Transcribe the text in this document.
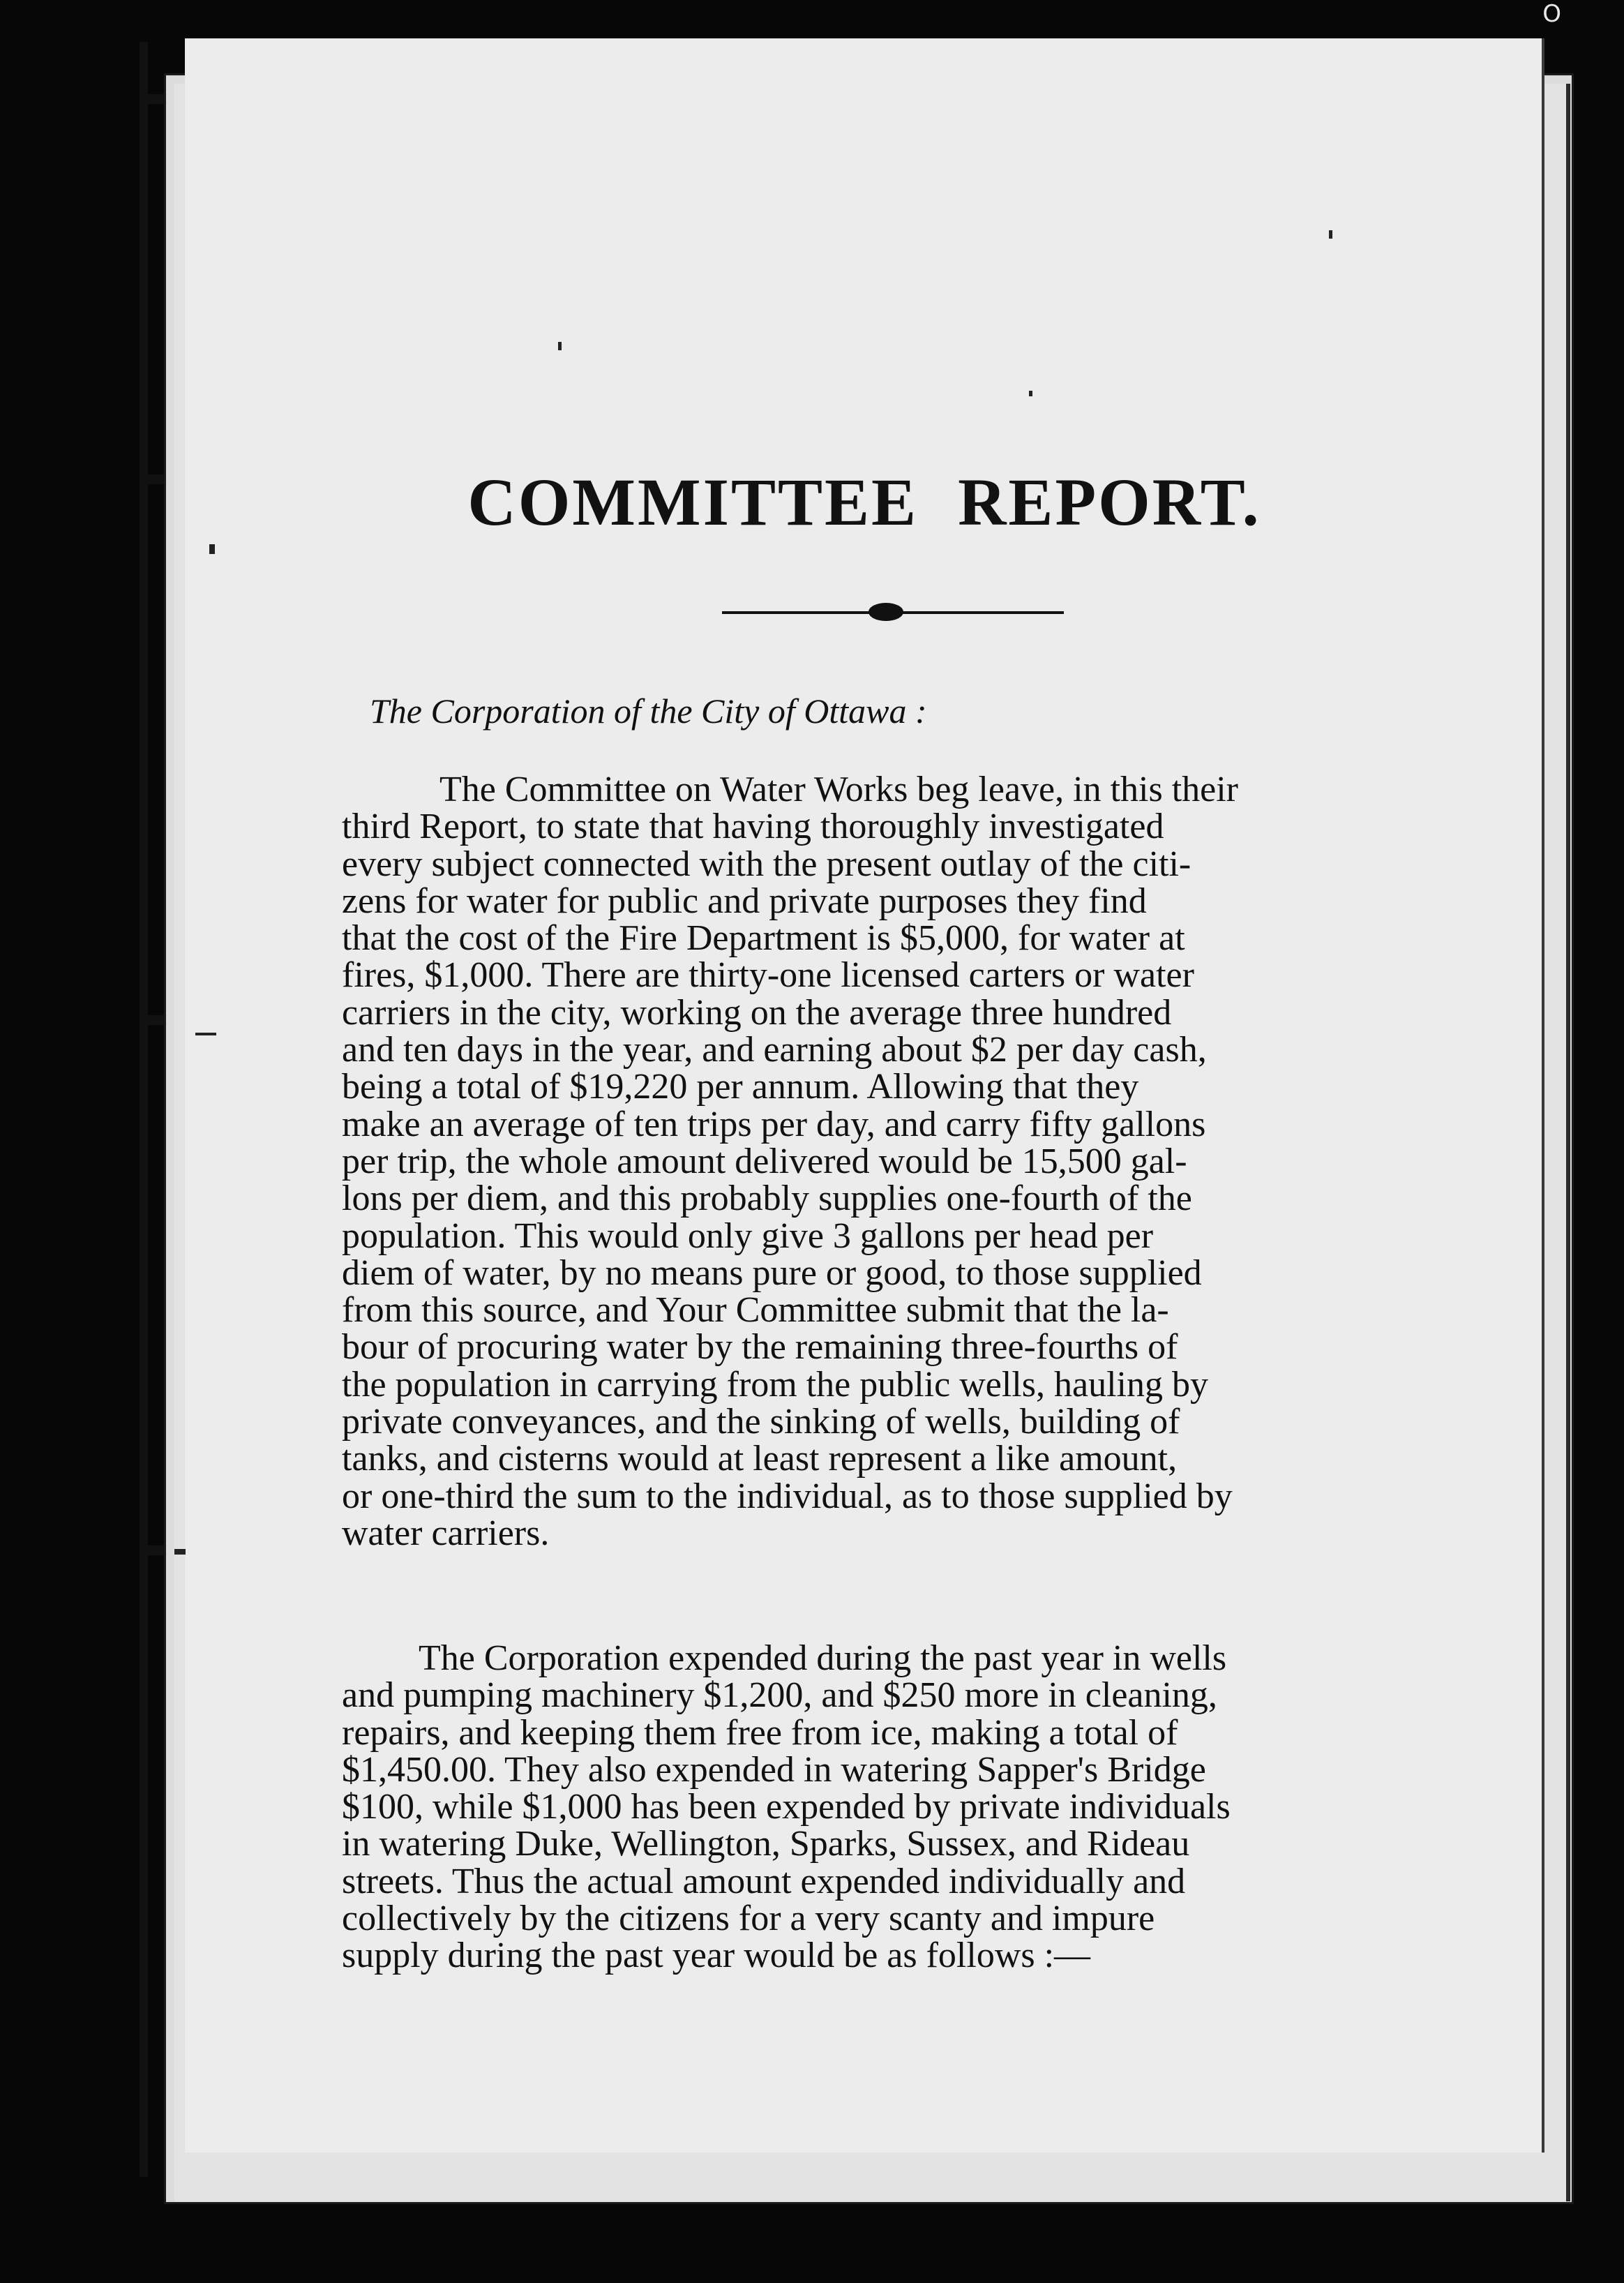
O
COMMITTEE REPORT.
The Corporation of the City of Ottawa :
The Committee on Water Works beg leave, in this their
third Report, to state that having thoroughly investigated
every subject connected with the present outlay of the citi-
zens for water for public and private purposes they find
that the cost of the Fire Department is $5,000, for water at
fires, $1,000. There are thirty-one licensed carters or water
carriers in the city, working on the average three hundred
and ten days in the year, and earning about $2 per day cash,
being a total of $19,220 per annum. Allowing that they
make an average of ten trips per day, and carry fifty gallons
per trip, the whole amount delivered would be 15,500 gal-
lons per diem, and this probably supplies one-fourth of the
population. This would only give 3 gallons per head per
diem of water, by no means pure or good, to those supplied
from this source, and Your Committee submit that the la-
bour of procuring water by the remaining three-fourths of
the population in carrying from the public wells, hauling by
private conveyances, and the sinking of wells, building of
tanks, and cisterns would at least represent a like amount,
or one-third the sum to the individual, as to those supplied by
water carriers.
The Corporation expended during the past year in wells
and pumping machinery $1,200, and $250 more in cleaning,
repairs, and keeping them free from ice, making a total of
$1,450.00. They also expended in watering Sapper's Bridge
$100, while $1,000 has been expended by private individuals
in watering Duke, Wellington, Sparks, Sussex, and Rideau
streets. Thus the actual amount expended individually and
collectively by the citizens for a very scanty and impure
supply during the past year would be as follows :—
